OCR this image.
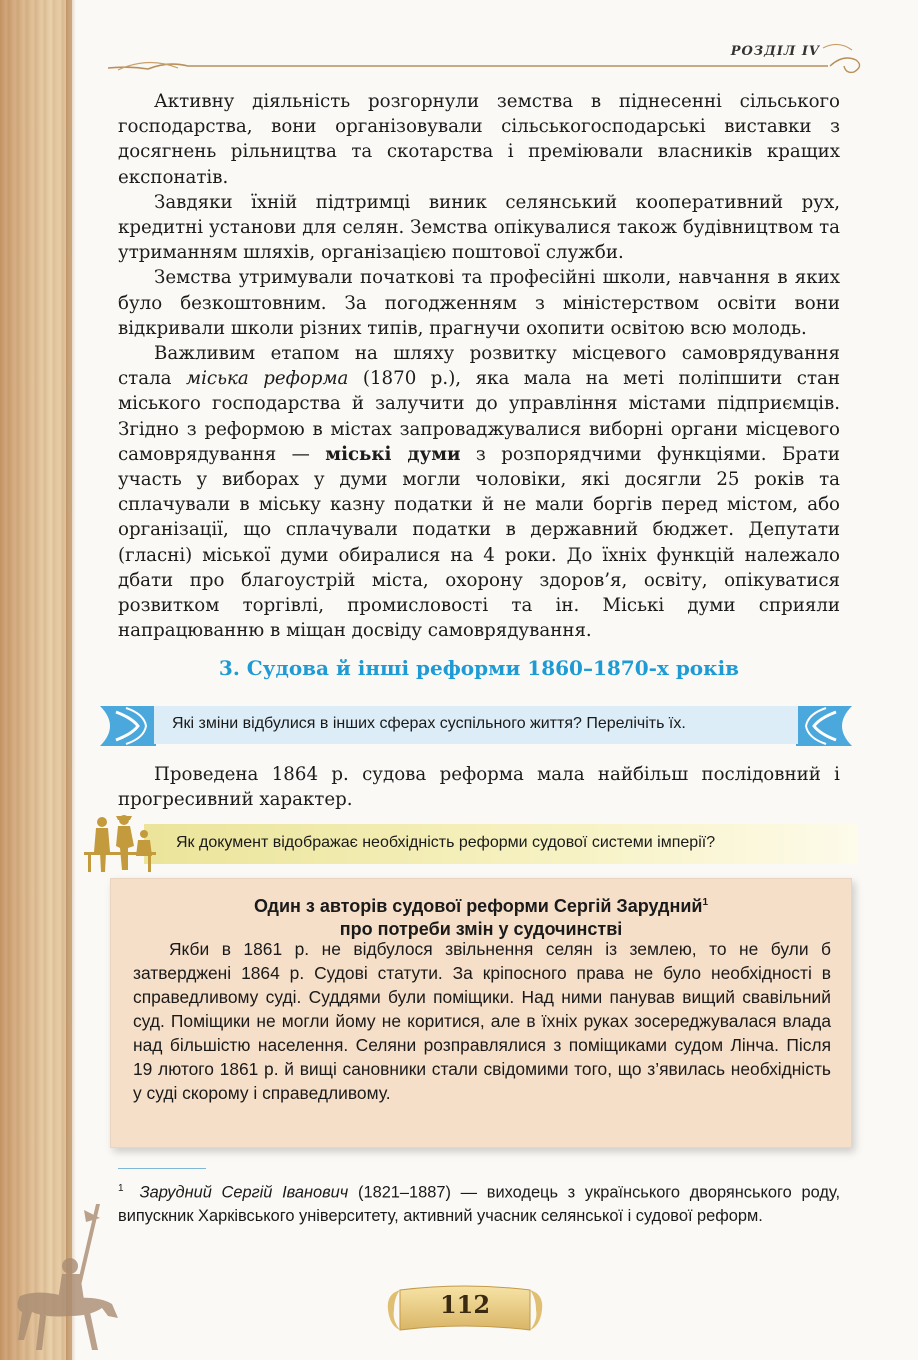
РОЗДІЛ IV

Активну діяльність розгорнули земства в піднесенні сільського господарства, вони організовували сільськогосподарські виставки з досягнень рільництва та скотарства і преміювали власників кращих експонатів.

Завдяки їхній підтримці виник селянський кооперативний рух, кредитні установи для селян. Земства опікувалися також будівництвом та утриманням шляхів, організацією поштової служби.

Земства утримували початкові та професійні школи, навчання в яких було безкоштовним. За погодженням з міністерством освіти вони відкривали школи різних типів, прагнучи охопити освітою всю молодь.

Важливим етапом на шляху розвитку місцевого самоврядування стала міська реформа (1870 р.), яка мала на меті поліпшити стан міського господарства й залучити до управління містами підприємців. Згідно з реформою в містах запроваджувалися виборні органи місцевого самоврядування — міські думи з розпорядчими функціями. Брати участь у виборах у думи могли чоловіки, які досягли 25 років та сплачували в міську казну податки й не мали боргів перед містом, або організації, що сплачували податки в державний бюджет. Депутати (гласні) міської думи обиралися на 4 роки. До їхніх функцій належало дбати про благоустрій міста, охорону здоров’я, освіту, опікуватися розвитком торгівлі, промисловості та ін. Міські думи сприяли напрацюванню в міщан досвіду самоврядування.

3. Судова й інші реформи 1860–1870-х років
Які зміни відбулися в інших сферах суспільного життя? Перелічіть їх.

Проведена 1864 р. судова реформа мала найбільш послідовний і прогресивний характер.

Як документ відображає необхідність реформи судової системи імперії?
Один з авторів судової реформи Сергій Зарудний$^1$
про потреби змін у судочинстві

Якби в 1861 р. не відбулося звільнення селян із землею, то не були б затверджені 1864 р. Судові статути. За кріпосного права не було необхідності в справедливому суді. Суддями були поміщики. Над ними панував вищий свавільний суд. Поміщики не могли йому не коритися, але в їхніх руках зосереджувалася влада над більшістю населення. Селяни розправлялися з поміщиками судом Лінча. Після 19 лютого 1861 р. й вищі сановники стали свідомими того, що з’явилась необхідність у суді скорому і справедливому.

$^1$ Зарудний Сергій Іванович (1821–1887) — виходець з українського дворянського роду, випускник Харківського університету, активний учасник селянської і судової реформ.
112
